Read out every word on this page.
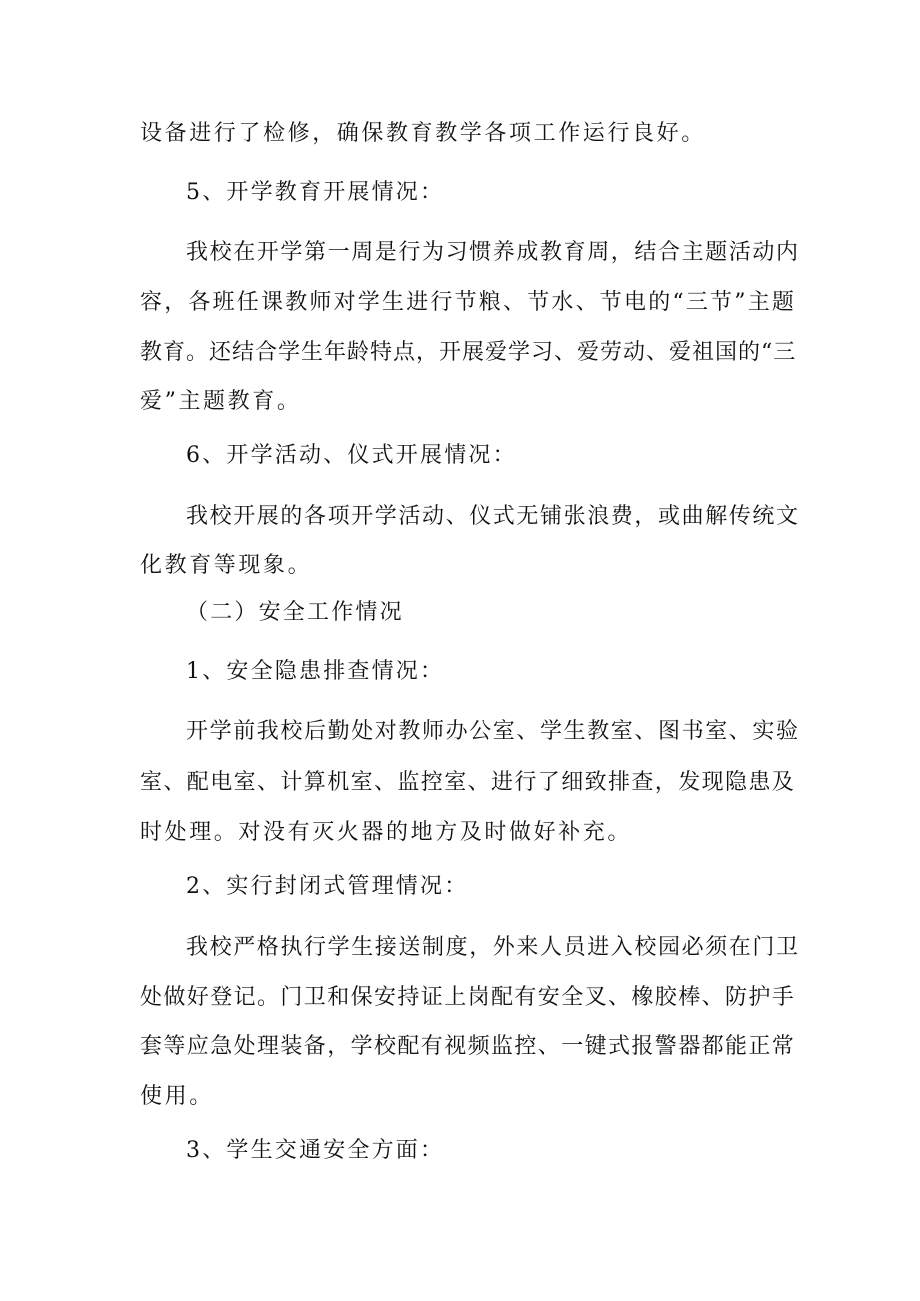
设备进行了检修，确保教育教学各项工作运行良好。
5、开学教育开展情况：
我校在开学第一周是行为习惯养成教育周，结合主题活动内
容，各班任课教师对学生进行节粮、节水、节电的“三节”主题
教育。还结合学生年龄特点，开展爱学习、爱劳动、爱祖国的“三
爱”主题教育。
6、开学活动、仪式开展情况：
我校开展的各项开学活动、仪式无铺张浪费，或曲解传统文
化教育等现象。
（二）安全工作情况
1、安全隐患排查情况：
开学前我校后勤处对教师办公室、学生教室、图书室、实验
室、配电室、计算机室、监控室、进行了细致排查，发现隐患及
时处理。对没有灭火器的地方及时做好补充。
2、实行封闭式管理情况：
我校严格执行学生接送制度，外来人员进入校园必须在门卫
处做好登记。门卫和保安持证上岗配有安全叉、橡胶棒、防护手
套等应急处理装备，学校配有视频监控、一键式报警器都能正常
使用。
3、学生交通安全方面：
